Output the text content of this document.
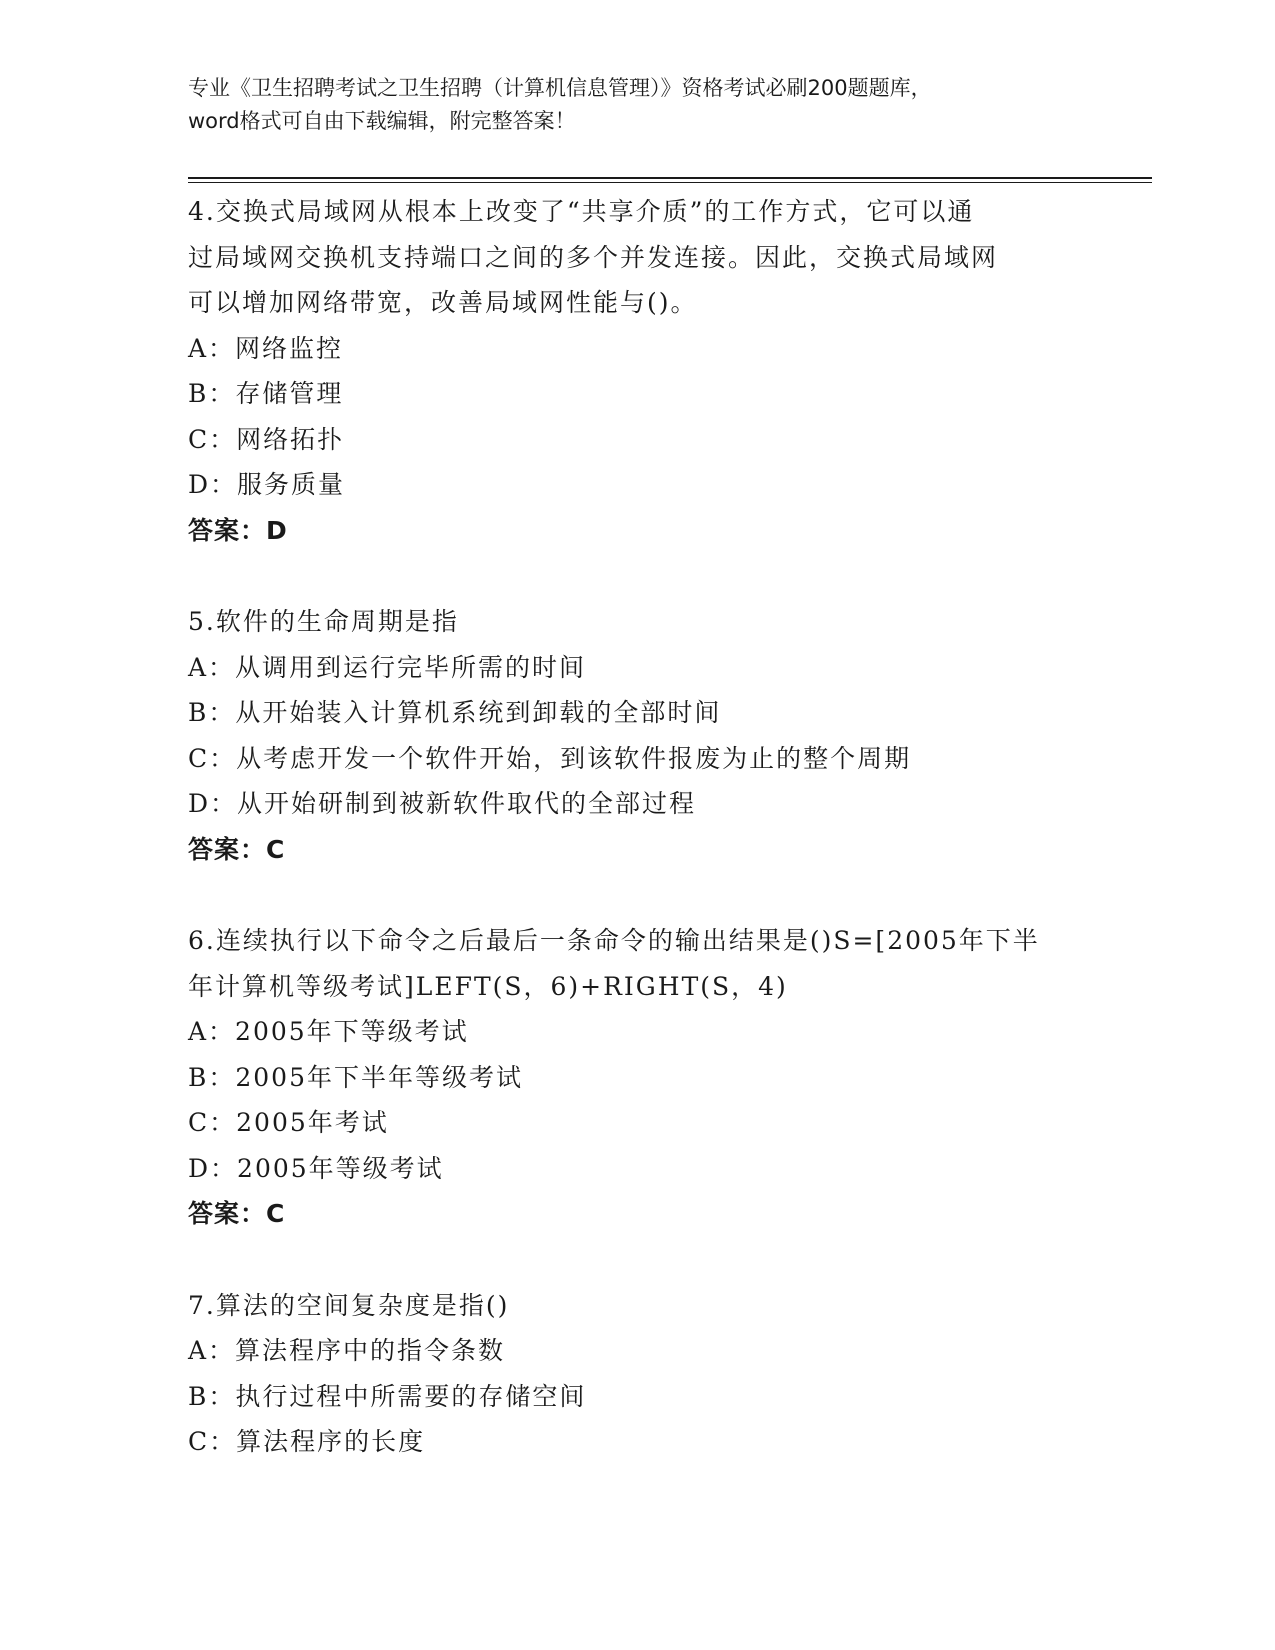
专业《卫生招聘考试之卫生招聘（计算机信息管理）》资格考试必刷200题题库，
word格式可自由下载编辑，附完整答案！
4.交换式局域网从根本上改变了“共享介质”的工作方式，它可以通
过局域网交换机支持端口之间的多个并发连接。因此，交换式局域网
可以增加网络带宽，改善局域网性能与()。
A：网络监控
B：存储管理
C：网络拓扑
D：服务质量
答案：D
5.软件的生命周期是指
A：从调用到运行完毕所需的时间
B：从开始装入计算机系统到卸载的全部时间
C：从考虑开发一个软件开始，到该软件报废为止的整个周期
D：从开始研制到被新软件取代的全部过程
答案：C
6.连续执行以下命令之后最后一条命令的输出结果是()S=[2005年下半
年计算机等级考试]LEFT(S，6)+RIGHT(S，4)
A：2005年下等级考试
B：2005年下半年等级考试
C：2005年考试
D：2005年等级考试
答案：C
7.算法的空间复杂度是指()
A：算法程序中的指令条数
B：执行过程中所需要的存储空间
C：算法程序的长度
